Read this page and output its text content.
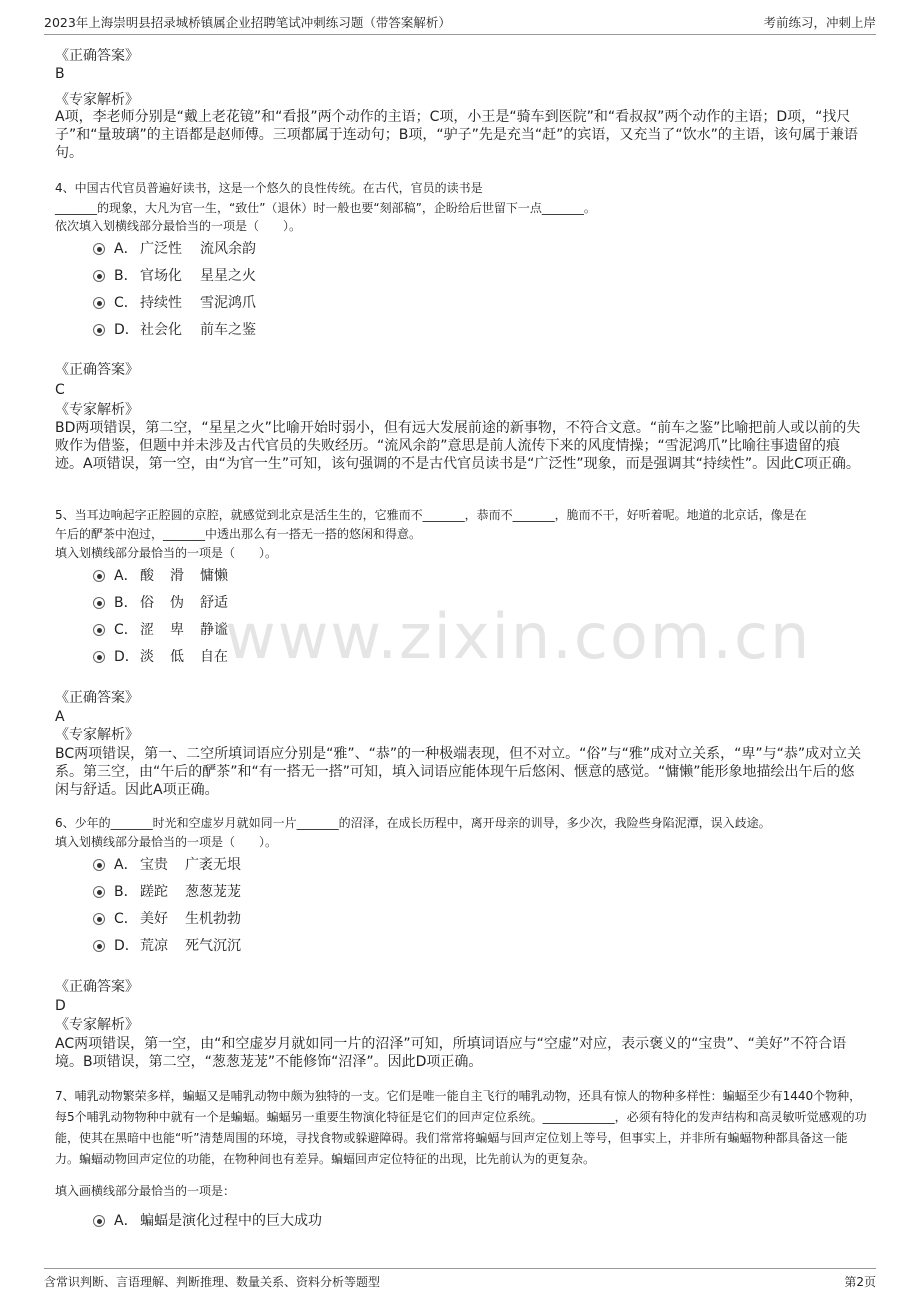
2023年上海崇明县招录城桥镇属企业招聘笔试冲刺练习题（带答案解析）	考前练习，冲刺上岸
www.zixin.com.cn
《正确答案》
B
《专家解析》
A项，李老师分别是“戴上老花镜”和“看报”两个动作的主语；C项，小王是“骑车到医院”和“看叔叔”两个动作的主语；D项，“找尺子”和“量玻璃”的主语都是赵师傅。三项都属于连动句；B项，“驴子”先是充当“赶”的宾语，又充当了“饮水”的主语，该句属于兼语句。
4、中国古代官员普遍好读书，这是一个悠久的良性传统。在古代，官员的读书是
_______的现象，大凡为官一生，“致仕”（退休）时一般也要“刻部稿”，企盼给后世留下一点_______。
依次填入划横线部分最恰当的一项是（　　）。
A． 广泛性	流风余韵
B． 官场化	星星之火
C． 持续性	雪泥鸿爪
D． 社会化	前车之鉴
《正确答案》
C
《专家解析》
BD两项错误，第二空，“星星之火”比喻开始时弱小，但有远大发展前途的新事物，不符合文意。“前车之鉴”比喻把前人或以前的失败作为借鉴，但题中并未涉及古代官员的失败经历。“流风余韵”意思是前人流传下来的风度情操；“雪泥鸿爪”比喻往事遗留的痕迹。A项错误，第一空，由“为官一生”可知，该句强调的不是古代官员读书是“广泛性”现象，而是强调其“持续性”。因此C项正确。
5、当耳边响起字正腔圆的京腔，就感觉到北京是活生生的，它雅而不_______，恭而不_______，脆而不干，好听着呢。地道的北京话，像是在
午后的酽茶中泡过，_______中透出那么有一搭无一搭的悠闲和得意。
填入划横线部分最恰当的一项是（　　）。
A． 酸	滑	慵懒
B． 俗	伪	舒适
C． 涩	卑	静谧
D． 淡	低	自在
《正确答案》
A
《专家解析》
BC两项错误，第一、二空所填词语应分别是“雅”、“恭”的一种极端表现，但不对立。“俗”与“雅”成对立关系，“卑”与“恭”成对立关系。第三空，由“午后的酽茶”和“有一搭无一搭”可知，填入词语应能体现午后悠闲、惬意的感觉。“慵懒”能形象地描绘出午后的悠闲与舒适。因此A项正确。
6、少年的_______时光和空虚岁月就如同一片_______的沼泽，在成长历程中，离开母亲的训导，多少次，我险些身陷泥潭，误入歧途。
填入划横线部分最恰当的一项是（　　）。
A． 宝贵	广袤无垠
B． 蹉跎	葱葱茏茏
C． 美好	生机勃勃
D． 荒凉	死气沉沉
《正确答案》
D
《专家解析》
AC两项错误，第一空，由“和空虚岁月就如同一片的沼泽”可知，所填词语应与“空虚”对应，表示褒义的“宝贵”、“美好”不符合语境。B项错误，第二空，“葱葱茏茏”不能修饰“沼泽”。因此D项正确。
7、哺乳动物繁荣多样，蝙蝠又是哺乳动物中颇为独特的一支。它们是唯一能自主飞行的哺乳动物，还具有惊人的物种多样性：蝙蝠至少有1440个物种，每5个哺乳动物物种中就有一个是蝙蝠。蝙蝠另一重要生物演化特征是它们的回声定位系统。____________，必须有特化的发声结构和高灵敏听觉感观的功能，使其在黑暗中也能“听”清楚周围的环境，寻找食物或躲避障碍。我们常常将蝙蝠与回声定位划上等号，但事实上，并非所有蝙蝠物种都具备这一能力。蝙蝠动物回声定位的功能，在物种间也有差异。蝙蝠回声定位特征的出现，比先前认为的更复杂。
填入画横线部分最恰当的一项是：
A． 蝙蝠是演化过程中的巨大成功
含常识判断、言语理解、判断推理、数量关系、资料分析等题型	第2页
